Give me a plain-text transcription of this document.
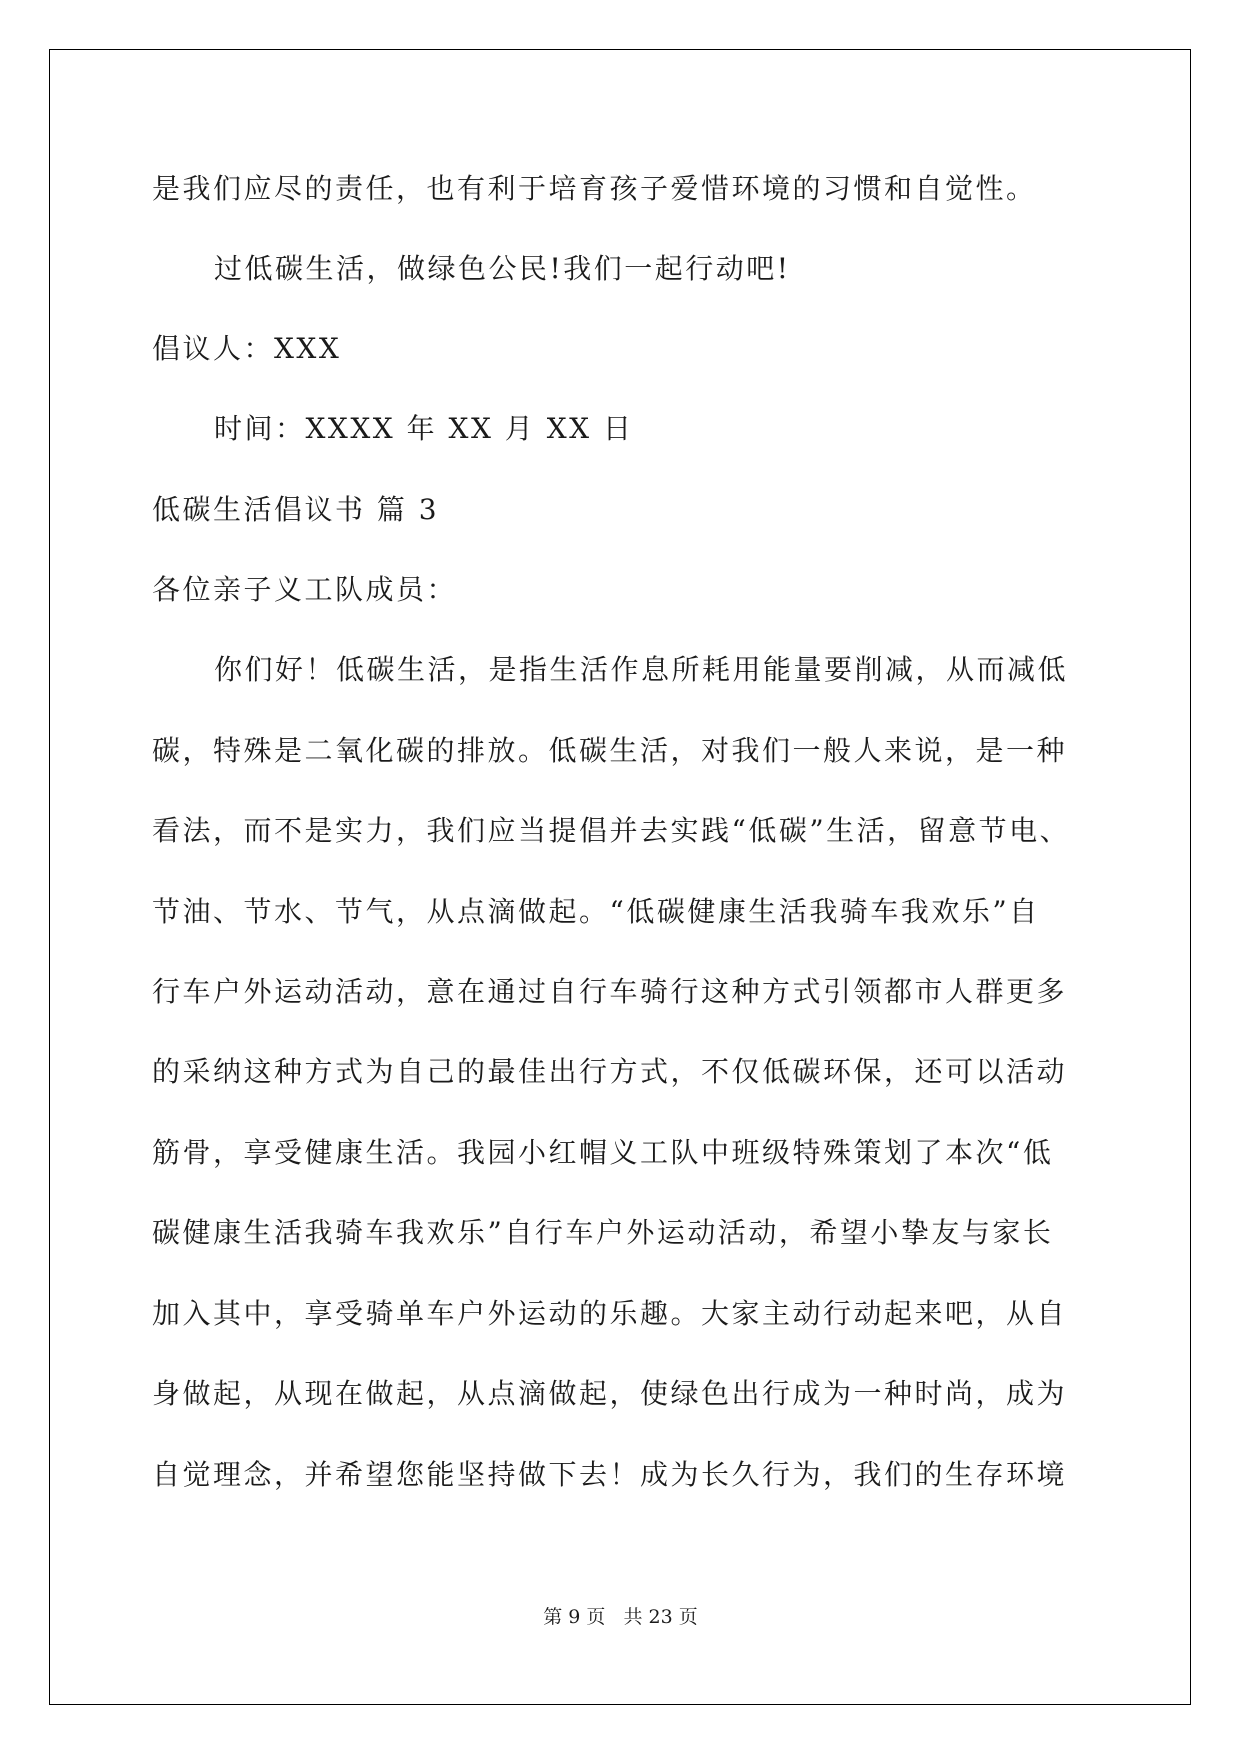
是我们应尽的责任，也有利于培育孩子爱惜环境的习惯和自觉性。
过低碳生活，做绿色公民!我们一起行动吧!
倡议人：XXX
时间：XXXX 年 XX 月 XX 日
低碳生活倡议书 篇 3
各位亲子义工队成员：
你们好！低碳生活，是指生活作息所耗用能量要削减，从而减低
碳，特殊是二氧化碳的排放。低碳生活，对我们一般人来说，是一种
看法，而不是实力，我们应当提倡并去实践“低碳”生活，留意节电、
节油、节水、节气，从点滴做起。“低碳健康生活我骑车我欢乐”自
行车户外运动活动，意在通过自行车骑行这种方式引领都市人群更多
的采纳这种方式为自己的最佳出行方式，不仅低碳环保，还可以活动
筋骨，享受健康生活。我园小红帽义工队中班级特殊策划了本次“低
碳健康生活我骑车我欢乐”自行车户外运动活动，希望小挚友与家长
加入其中，享受骑单车户外运动的乐趣。大家主动行动起来吧，从自
身做起，从现在做起，从点滴做起，使绿色出行成为一种时尚，成为
自觉理念，并希望您能坚持做下去！成为长久行为，我们的生存环境
第 9 页 共 23 页
